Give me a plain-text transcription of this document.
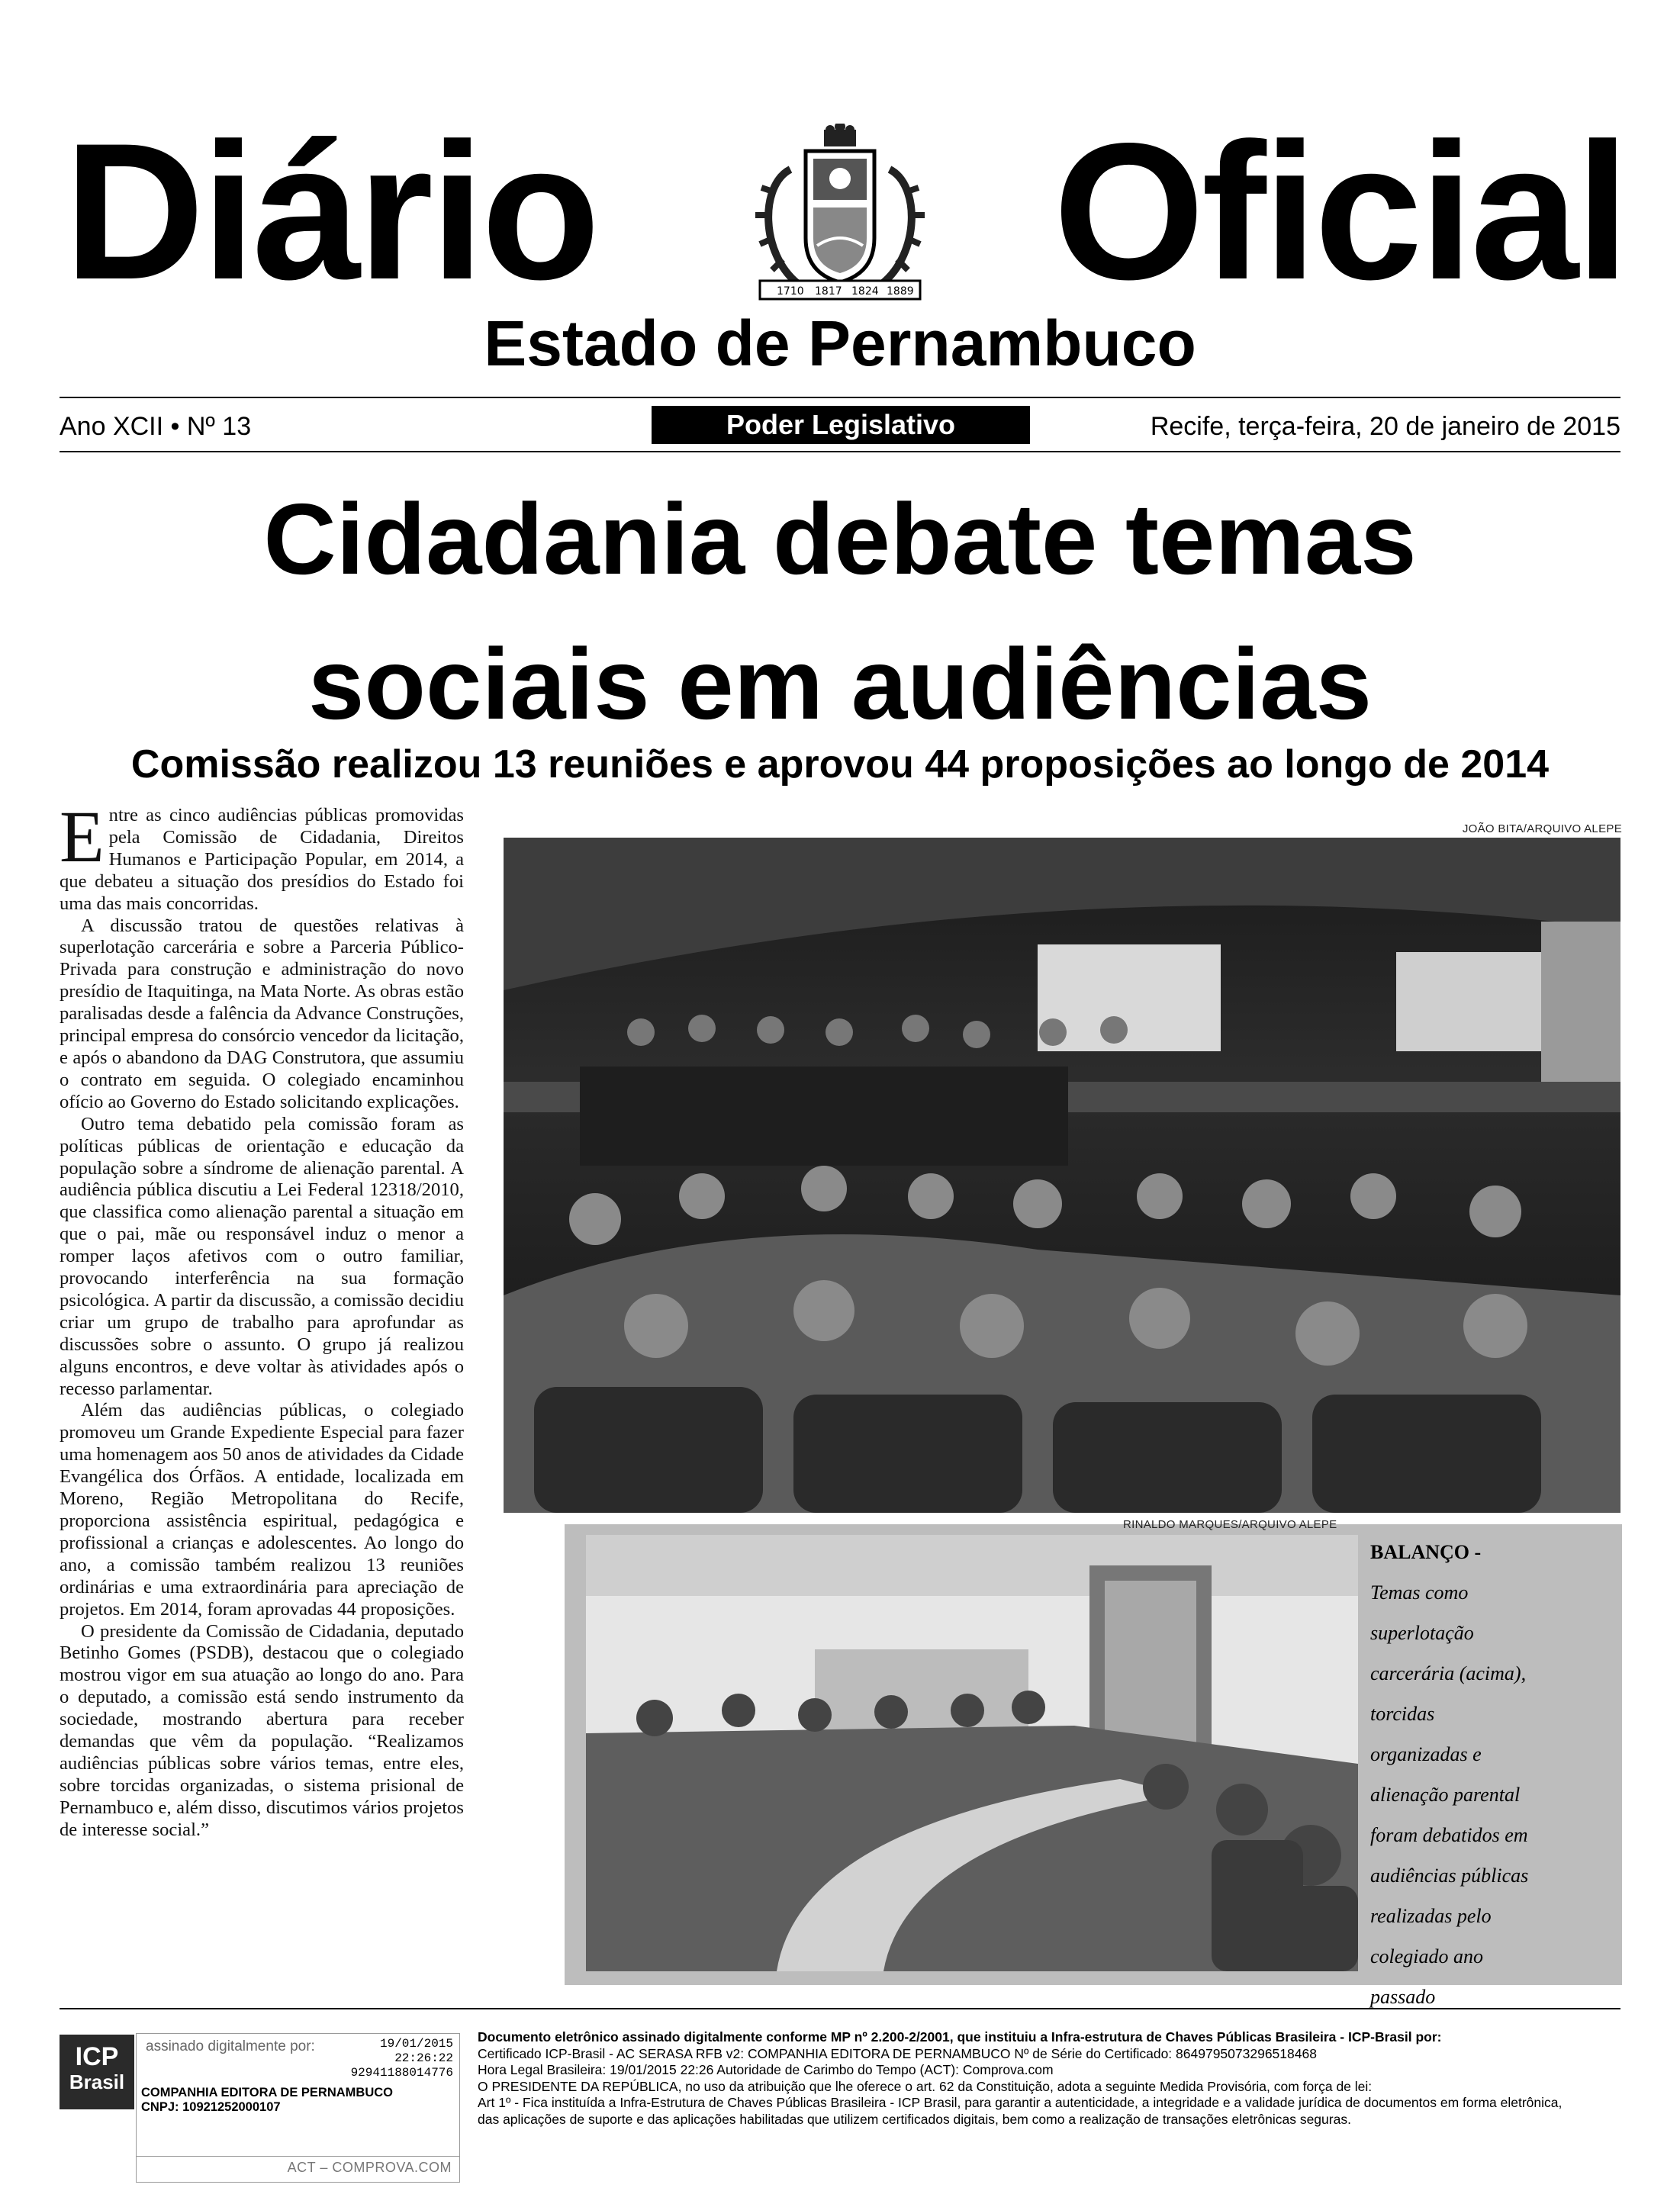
Diário	1710 1817 1824 1889 Oficial
Estado de Pernambuco
Ano XCII • Nº 13	Poder Legislativo	Recife, terça-feira, 20 de janeiro de 2015
Cidadania debate temas
sociais em audiências
Comissão realizou 13 reuniões e aprovou 44 proposições ao longo de 2014

Entre as cinco audiências públicas promovidas pela Comissão de Cidadania, Direitos Humanos e Participação Popular, em 2014, a que debateu a situação dos presídios do Estado foi uma das mais concorridas.

A discussão tratou de questões relativas à superlotação carcerária e sobre a Parceria Público-Privada para construção e administração do novo presídio de Itaquitinga, na Mata Norte. As obras estão paralisadas desde a falência da Advance Construções, principal empresa do consórcio vencedor da licitação, e após o abandono da DAG Construtora, que assumiu o contrato em seguida. O colegiado encaminhou ofício ao Governo do Estado solicitando explicações.

Outro tema debatido pela comissão foram as políticas públicas de orientação e educação da população sobre a síndrome de alienação parental. A audiência pública discutiu a Lei Federal 12318/2010, que classifica como alienação parental a situação em que o pai, mãe ou responsável induz o menor a romper laços afetivos com o outro familiar, provocando interferência na sua formação psicológica. A partir da discussão, a comissão decidiu criar um grupo de trabalho para aprofundar as discussões sobre o assunto. O grupo já realizou alguns encontros, e deve voltar às atividades após o recesso parlamentar.

Além das audiências públicas, o colegiado promoveu um Grande Expediente Especial para fazer uma homenagem aos 50 anos de atividades da Cidade Evangélica dos Órfãos. A entidade, localizada em Moreno, Região Metropolitana do Recife, proporciona assistência espiritual, pedagógica e profissional a crianças e adolescentes. Ao longo do ano, a comissão também realizou 13 reuniões ordinárias e uma extraordinária para apreciação de projetos. Em 2014, foram aprovadas 44 proposições.

O presidente da Comissão de Cidadania, deputado Betinho Gomes (PSDB), destacou que o colegiado mostrou vigor em sua atuação ao longo do ano. Para o deputado, a comissão está sendo instrumento da sociedade, mostrando abertura para receber demandas que vêm da população. “Realizamos audiências públicas sobre vários temas, entre eles, sobre torcidas organizadas, o sistema prisional de Pernambuco e, além disso, discutimos vários projetos de interesse social.”

JOÃO BITA/ARQUIVO ALEPE
RINALDO MARQUES/ARQUIVO ALEPE
BALANÇO -
Temas como
superlotação
carcerária (acima),
torcidas
organizadas e
alienação parental
foram debatidos em
audiências públicas
realizadas pelo
colegiado ano
passado
ICP
Brasil
assinado digitalmente por:	19/01/2015
22:26:22
92941188014776
COMPANHIA EDITORA DE PERNAMBUCO
CNPJ: 10921252000107
ACT – COMPROVA.COM
Documento eletrônico assinado digitalmente conforme MP nº 2.200-2/2001, que instituiu a Infra-estrutura de Chaves Públicas Brasileira - ICP-Brasil por:
Certificado ICP-Brasil - AC SERASA RFB v2: COMPANHIA EDITORA DE PERNAMBUCO Nº de Série do Certificado: 8649795073296518468
Hora Legal Brasileira: 19/01/2015 22:26 Autoridade de Carimbo do Tempo (ACT): Comprova.com
O PRESIDENTE DA REPÚBLICA, no uso da atribuição que lhe oferece o art. 62 da Constituição, adota a seguinte Medida Provisória, com força de lei:
Art 1º - Fica instituída a Infra-Estrutura de Chaves Públicas Brasileira - ICP Brasil, para garantir a autenticidade, a integridade e a validade jurídica de documentos em forma eletrônica,
das aplicações de suporte e das aplicações habilitadas que utilizem certificados digitais, bem como a realização de transações eletrônicas seguras.
